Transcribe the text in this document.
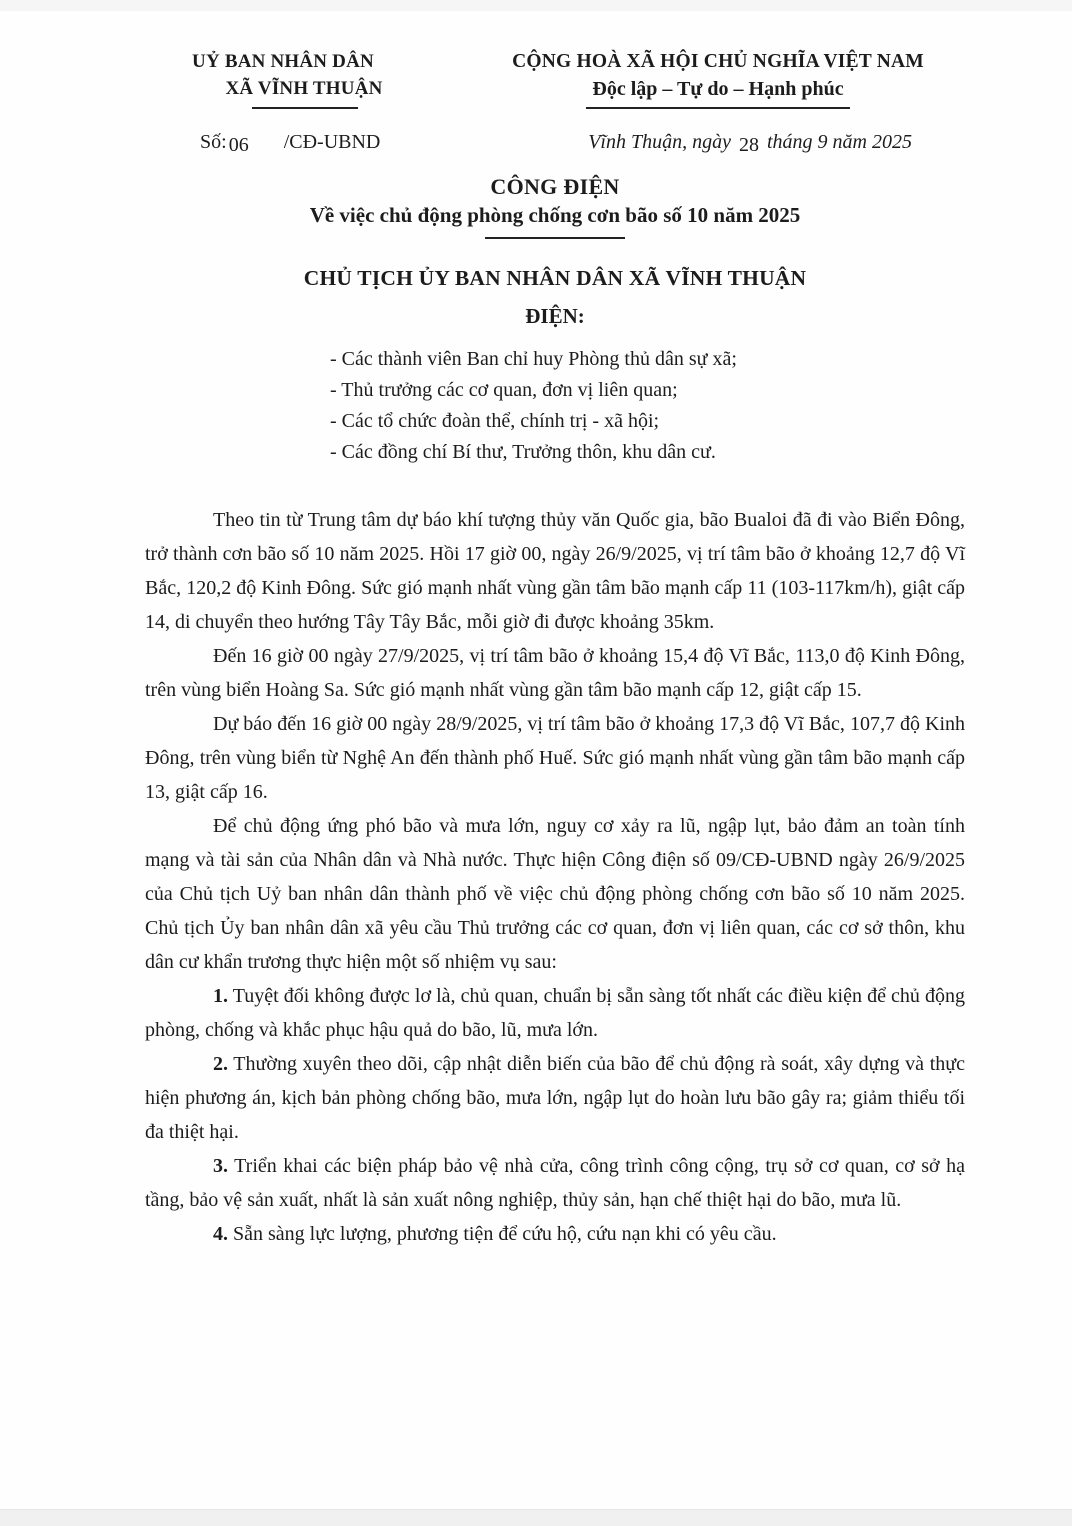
UỶ BAN NHÂN DÂN
XÃ VĨNH THUẬN
CỘNG HOÀ XÃ HỘI CHỦ NGHĨA VIỆT NAM
Độc lập – Tự do – Hạnh phúc
Số: 06 /CĐ-UBND	Vĩnh Thuận, ngày 28 tháng 9 năm 2025
CÔNG ĐIỆN
Về việc chủ động phòng chống cơn bão số 10 năm 2025
CHỦ TỊCH ỦY BAN NHÂN DÂN XÃ VĨNH THUẬN
ĐIỆN:
- Các thành viên Ban chỉ huy Phòng thủ dân sự xã;
- Thủ trưởng các cơ quan, đơn vị liên quan;
- Các tổ chức đoàn thể, chính trị - xã hội;
- Các đồng chí Bí thư, Trưởng thôn, khu dân cư.

Theo tin từ Trung tâm dự báo khí tượng thủy văn Quốc gia, bão Bualoi đã đi vào Biển Đông, trở thành cơn bão số 10 năm 2025. Hồi 17 giờ 00, ngày 26/9/2025, vị trí tâm bão ở khoảng 12,7 độ Vĩ Bắc, 120,2 độ Kinh Đông. Sức gió mạnh nhất vùng gần tâm bão mạnh cấp 11 (103-117km/h), giật cấp 14, di chuyển theo hướng Tây Tây Bắc, mỗi giờ đi được khoảng 35km.

Đến 16 giờ 00 ngày 27/9/2025, vị trí tâm bão ở khoảng 15,4 độ Vĩ Bắc, 113,0 độ Kinh Đông, trên vùng biển Hoàng Sa. Sức gió mạnh nhất vùng gần tâm bão mạnh cấp 12, giật cấp 15.

Dự báo đến 16 giờ 00 ngày 28/9/2025, vị trí tâm bão ở khoảng 17,3 độ Vĩ Bắc, 107,7 độ Kinh Đông, trên vùng biển từ Nghệ An đến thành phố Huế. Sức gió mạnh nhất vùng gần tâm bão mạnh cấp 13, giật cấp 16.

Để chủ động ứng phó bão và mưa lớn, nguy cơ xảy ra lũ, ngập lụt, bảo đảm an toàn tính mạng và tài sản của Nhân dân và Nhà nước. Thực hiện Công điện số 09/CĐ-UBND ngày 26/9/2025 của Chủ tịch Uỷ ban nhân dân thành phố về việc chủ động phòng chống cơn bão số 10 năm 2025. Chủ tịch Ủy ban nhân dân xã yêu cầu Thủ trưởng các cơ quan, đơn vị liên quan, các cơ sở thôn, khu dân cư khẩn trương thực hiện một số nhiệm vụ sau:

1. Tuyệt đối không được lơ là, chủ quan, chuẩn bị sẵn sàng tốt nhất các điều kiện để chủ động phòng, chống và khắc phục hậu quả do bão, lũ, mưa lớn.

2. Thường xuyên theo dõi, cập nhật diễn biến của bão để chủ động rà soát, xây dựng và thực hiện phương án, kịch bản phòng chống bão, mưa lớn, ngập lụt do hoàn lưu bão gây ra; giảm thiểu tối đa thiệt hại.

3. Triển khai các biện pháp bảo vệ nhà cửa, công trình công cộng, trụ sở cơ quan, cơ sở hạ tầng, bảo vệ sản xuất, nhất là sản xuất nông nghiệp, thủy sản, hạn chế thiệt hại do bão, mưa lũ.

4. Sẵn sàng lực lượng, phương tiện để cứu hộ, cứu nạn khi có yêu cầu.
